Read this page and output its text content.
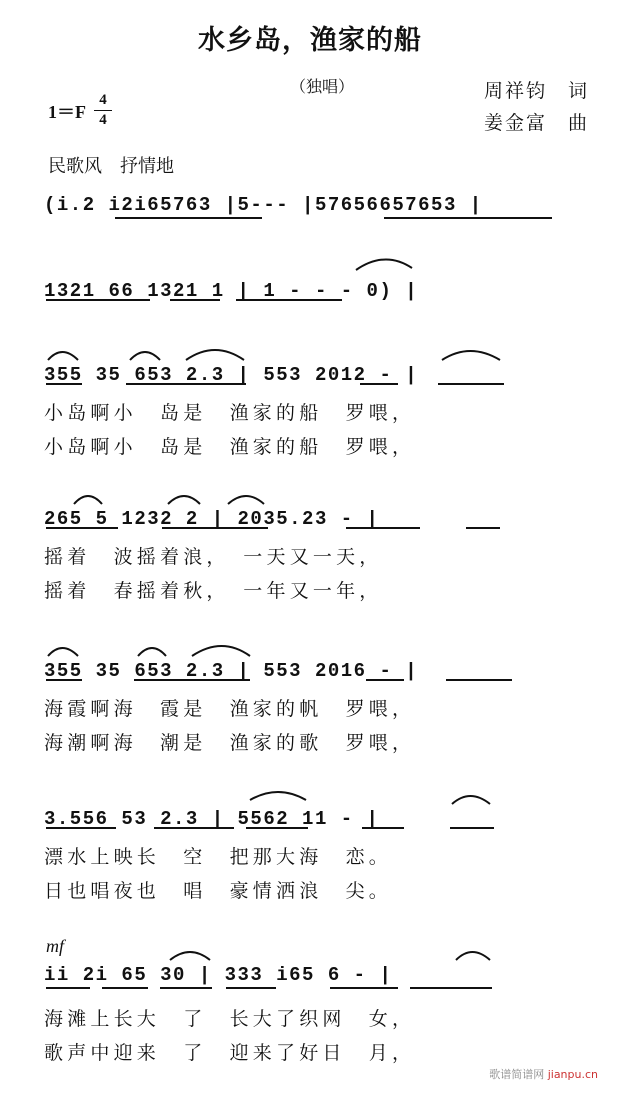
水乡岛，渔家的船
（独唱）	周祥钧　词
姜金富　曲
1＝F
4
4
民歌风　抒情地
(i.2 i2i65763 |5--- |57656657653 |
1321 66 1321 1 | 1 - - - 0) |
355 35 653 2.3 | 553 2012 - |
小岛啊小　岛是　渔家的船　罗喂，
小岛啊小　岛是　渔家的船　罗喂，
265 5 1232 2 | 2035.23 - |
摇着　波摇着浪，　一天又一天，
摇着　春摇着秋，　一年又一年，
355 35 653 2.3 | 553 2016 - |
海霞啊海　霞是　渔家的帆　罗喂，
海潮啊海　潮是　渔家的歌　罗喂，
3.556 53 2.3 | 5562 11 - |
漂水上映长　空　把那大海　恋。
日也唱夜也　唱　豪情洒浪　尖。
mf
ii 2i 65 30 | 333 i65 6 - |
海滩上长大　了　长大了织网　女，
歌声中迎来　了　迎来了好日　月，
歌谱简谱网 jianpu.cn
